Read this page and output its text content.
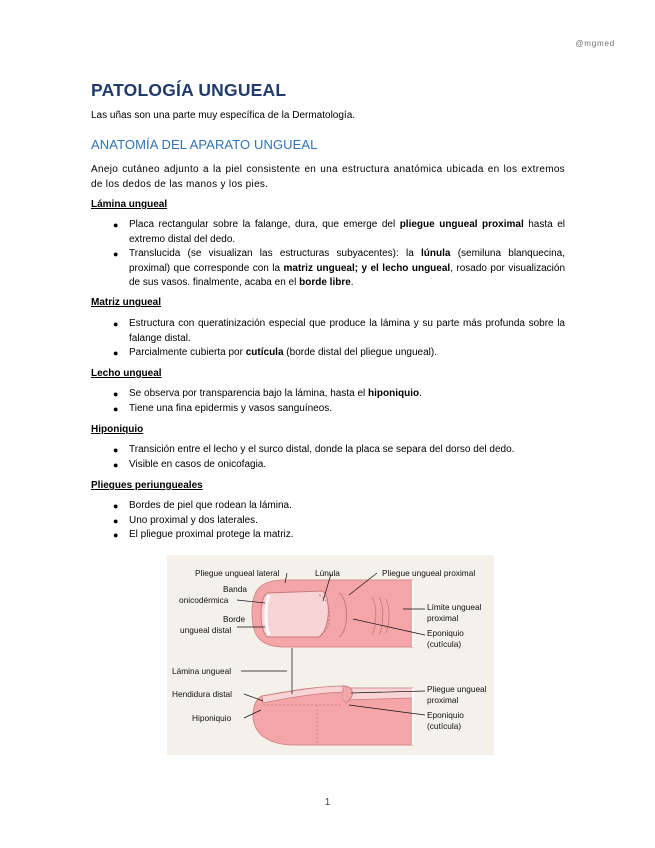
@mgmed
PATOLOGÍA UNGUEAL
Las uñas son una parte muy específica de la Dermatología.
ANATOMÍA DEL APARATO UNGUEAL
Anejo cutáneo adjunto a la piel consistente en una estructura anatómica ubicada en los extremos de los dedos de las manos y los pies.
Lámina ungueal
● Placa rectangular sobre la falange, dura, que emerge del pliegue ungueal proximal hasta el extremo distal del dedo.
● Translucida (se visualizan las estructuras subyacentes): la lúnula (semiluna blanquecina, proximal) que corresponde con la matriz ungueal; y el lecho ungueal, rosado por visualización de sus vasos. finalmente, acaba en el borde libre.
Matriz ungueal
● Estructura con queratinización especial que produce la lámina y su parte más profunda sobre la falange distal.
● Parcialmente cubierta por cutícula (borde distal del pliegue ungueal).
Lecho ungueal
● Se observa por transparencia bajo la lámina, hasta el hiponiquio.
● Tiene una fina epidermis y vasos sanguíneos.
Hiponiquio
● Transición entre el lecho y el surco distal, donde la placa se separa del dorso del dedo.
● Visible en casos de onicofagia.
Pliegues periungueales
● Bordes de piel que rodean la lámina.
● Uno proximal y dos laterales.
● El pliegue proximal protege la matriz.
Pliegue ungueal lateral	Lúnula	Pliegue ungueal proximal
Banda
onicodérmica
Borde
ungueal distal
Límite ungueal
proximal
Eponiquio
(cutícula)
Lámina ungueal
Hendidura distal
Hiponiquio
Pliegue ungueal
proximal
Eponiquio
(cutícula)
1
